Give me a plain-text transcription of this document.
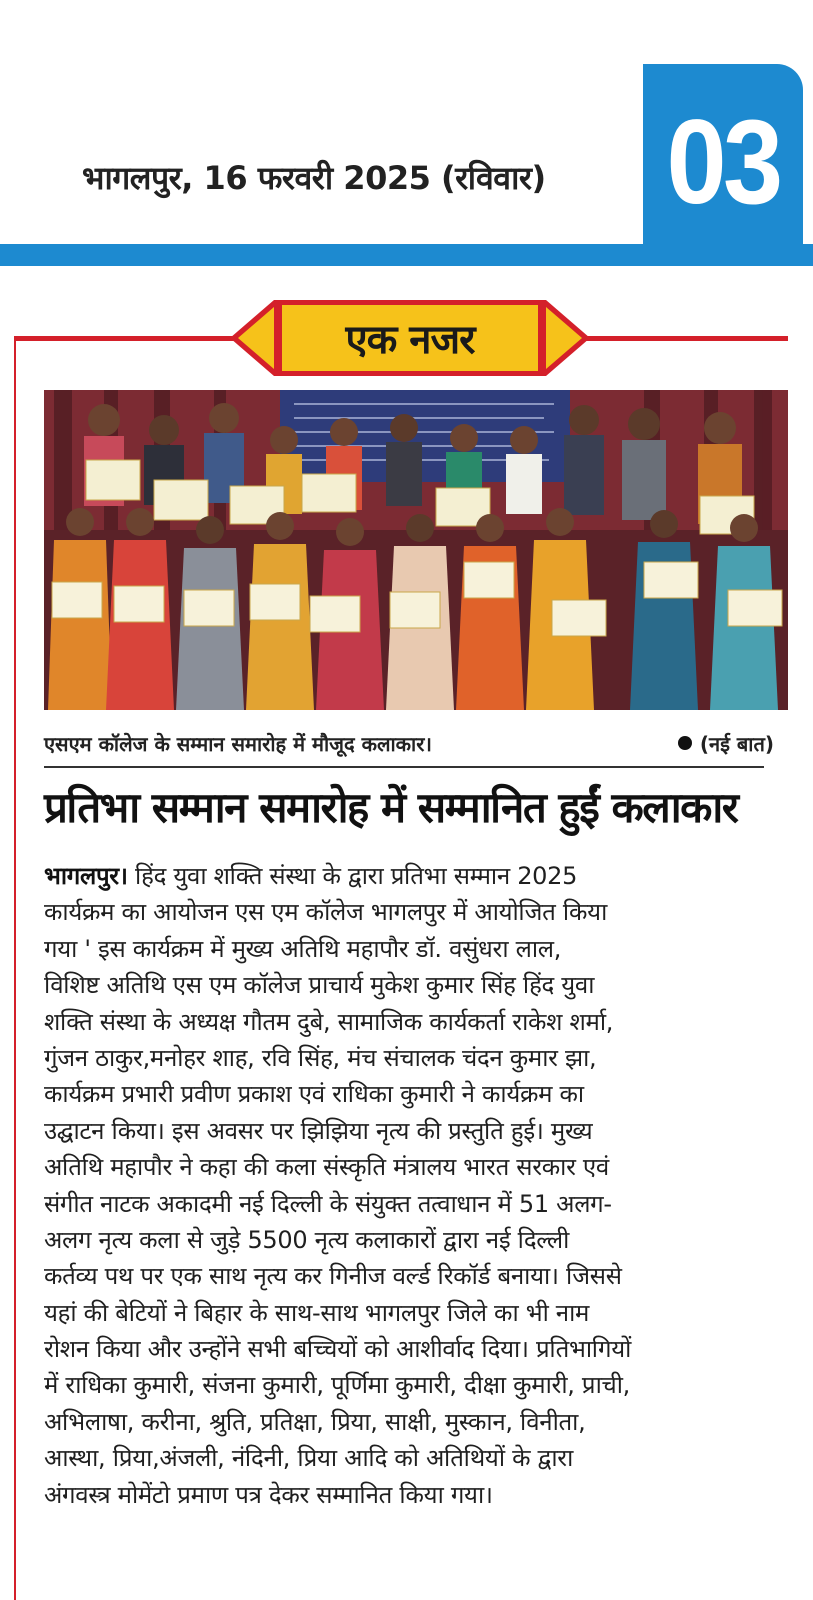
भागलपुर, 16 फरवरी 2025 (रविवार) 03
एक नजर
एसएम कॉलेज के सम्मान समारोह में मौजूद कलाकार।	(नई बात)
प्रतिभा सम्मान समारोह में सम्मानित हुईं कलाकार
भागलपुर। हिंद युवा शक्ति संस्था के द्वारा प्रतिभा सम्मान 2025
कार्यक्रम का आयोजन एस एम कॉलेज भागलपुर में आयोजित किया
गया ' इस कार्यक्रम में मुख्य अतिथि महापौर डॉ. वसुंधरा लाल,
विशिष्ट अतिथि एस एम कॉलेज प्राचार्य मुकेश कुमार सिंह हिंद युवा
शक्ति संस्था के अध्यक्ष गौतम दुबे, सामाजिक कार्यकर्ता राकेश शर्मा,
गुंजन ठाकुर,मनोहर शाह, रवि सिंह, मंच संचालक चंदन कुमार झा,
कार्यक्रम प्रभारी प्रवीण प्रकाश एवं राधिका कुमारी ने कार्यक्रम का
उद्घाटन किया। इस अवसर पर झिझिया नृत्य की प्रस्तुति हुई। मुख्य
अतिथि महापौर ने कहा की कला संस्कृति मंत्रालय भारत सरकार एवं
संगीत नाटक अकादमी नई दिल्ली के संयुक्त तत्वाधान में 51 अलग-
अलग नृत्य कला से जुड़े 5500 नृत्य कलाकारों द्वारा नई दिल्ली
कर्तव्य पथ पर एक साथ नृत्य कर गिनीज वर्ल्ड रिकॉर्ड बनाया। जिससे
यहां की बेटियों ने बिहार के साथ-साथ भागलपुर जिले का भी नाम
रोशन किया और उन्होंने सभी बच्चियों को आशीर्वाद दिया। प्रतिभागियों
में राधिका कुमारी, संजना कुमारी, पूर्णिमा कुमारी, दीक्षा कुमारी, प्राची,
अभिलाषा, करीना, श्रुति, प्रतिक्षा, प्रिया, साक्षी, मुस्कान, विनीता,
आस्था, प्रिया,अंजली, नंदिनी, प्रिया आदि को अतिथियों के द्वारा
अंगवस्त्र मोमेंटो प्रमाण पत्र देकर सम्मानित किया गया।
